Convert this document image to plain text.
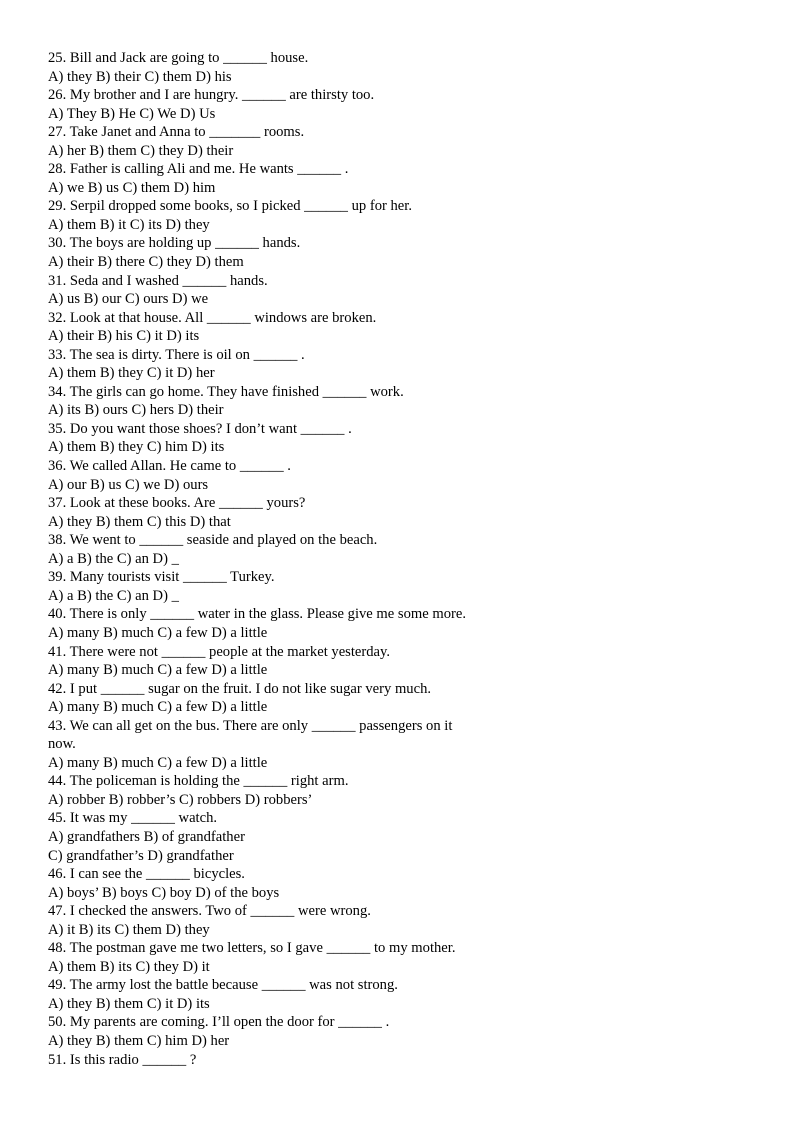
25. Bill and Jack are going to ______ house.
A) they B) their C) them D) his
26. My brother and I are hungry. ______ are thirsty too.
A) They B) He C) We D) Us
27. Take Janet and Anna to _______ rooms.
A) her B) them C) they D) their
28. Father is calling Ali and me. He wants ______ .
A) we B) us C) them D) him
29. Serpil dropped some books, so I picked ______ up for her.
A) them B) it C) its D) they
30. The boys are holding up ______ hands.
A) their B) there C) they D) them
31. Seda and I washed ______ hands.
A) us B) our C) ours D) we
32. Look at that house. All ______ windows are broken.
A) their B) his C) it D) its
33. The sea is dirty. There is oil on ______ .
A) them B) they C) it D) her
34. The girls can go home. They have finished ______ work.
A) its B) ours C) hers D) their
35. Do you want those shoes? I don’t want ______ .
A) them B) they C) him D) its
36. We called Allan. He came to ______ .
A) our B) us C) we D) ours
37. Look at these books. Are ______ yours?
A) they B) them C) this D) that
38. We went to ______ seaside and played on the beach.
A) a B) the C) an D) _
39. Many tourists visit ______ Turkey.
A) a B) the C) an D) _
40. There is only ______ water in the glass. Please give me some more.
A) many B) much C) a few D) a little
41. There were not ______ people at the market yesterday.
A) many B) much C) a few D) a little
42. I put ______ sugar on the fruit. I do not like sugar very much.
A) many B) much C) a few D) a little
43. We can all get on the bus. There are only ______ passengers on it
now.
A) many B) much C) a few D) a little
44. The policeman is holding the ______ right arm.
A) robber B) robber’s C) robbers D) robbers’
45. It was my ______ watch.
A) grandfathers B) of grandfather
C) grandfather’s D) grandfather
46. I can see the ______ bicycles.
A) boys’ B) boys C) boy D) of the boys
47. I checked the answers. Two of ______ were wrong.
A) it B) its C) them D) they
48. The postman gave me two letters, so I gave ______ to my mother.
A) them B) its C) they D) it
49. The army lost the battle because ______ was not strong.
A) they B) them C) it D) its
50. My parents are coming. I’ll open the door for ______ .
A) they B) them C) him D) her
51. Is this radio ______ ?
